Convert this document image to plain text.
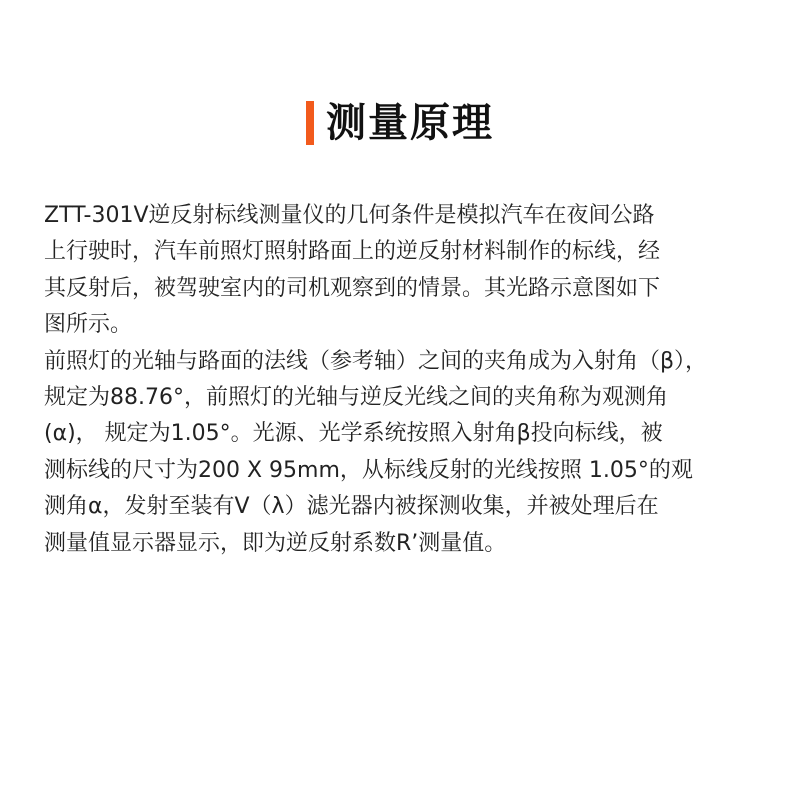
测量原理

ZTT-301V逆反射标线测量仪的几何条件是模拟汽车在夜间公路
上行驶时，汽车前照灯照射路面上的逆反射材料制作的标线，经
其反射后，被驾驶室内的司机观察到的情景。其光路示意图如下
图所示。

前照灯的光轴与路面的法线（参考轴）之间的夹角成为入射角（β），
规定为88.76°，前照灯的光轴与逆反光线之间的夹角称为观测角
(α)， 规定为1.05°。光源、光学系统按照入射角β投向标线，被
测标线的尺寸为200 X 95mm，从标线反射的光线按照 1.05°的观
测角α，发射至装有V（λ）滤光器内被探测收集，并被处理后在
测量值显示器显示，即为逆反射系数R’测量值。
